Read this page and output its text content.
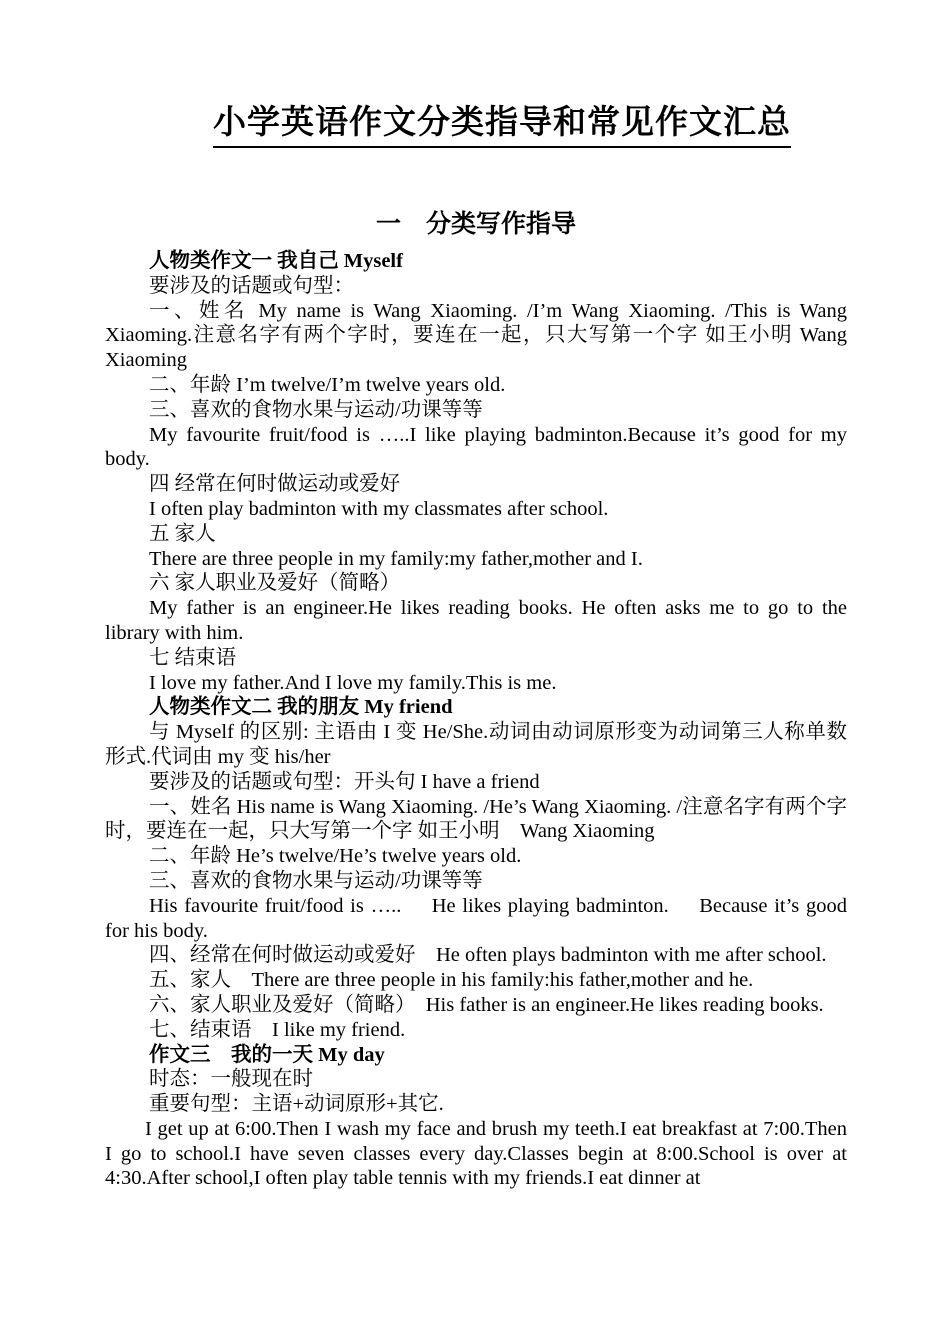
小学英语作文分类指导和常见作文汇总
一　分类写作指导

人物类作文一 我自己 Myself

要涉及的话题或句型：

一、姓名 My name is Wang Xiaoming. /I’m Wang Xiaoming. /This is Wang Xiaoming.注意名字有两个字时，要连在一起，只大写第一个字 如王小明 Wang Xiaoming

二、年龄 I’m twelve/I’m twelve years old.

三、喜欢的食物水果与运动/功课等等

My favourite fruit/food is …..I like playing badminton.Because it’s good for my body.

四 经常在何时做运动或爱好

I often play badminton with my classmates after school.

五 家人

There are three people in my family:my father,mother and I.

六 家人职业及爱好（简略）

My father is an engineer.He likes reading books. He often asks me to go to the library with him.

七 结束语

I love my father.And I love my family.This is me.

人物类作文二 我的朋友 My friend

与 Myself 的区别: 主语由 I 变 He/She.动词由动词原形变为动词第三人称单数形式.代词由 my 变 his/her

要涉及的话题或句型：开头句 I have a friend

一、姓名 His name is Wang Xiaoming. /He’s Wang Xiaoming. /注意名字有两个字时，要连在一起，只大写第一个字 如王小明　Wang Xiaoming

二、年龄 He’s twelve/He’s twelve years old.

三、喜欢的食物水果与运动/功课等等

His favourite fruit/food is …..　 He likes playing badminton.　 Because it’s good for his body.

四、经常在何时做运动或爱好　He often plays badminton with me after school.

五、家人　There are three people in his family:his father,mother and he.

六、家人职业及爱好（简略）　His father is an engineer.He likes reading books.

七、结束语　I like my friend.

作文三　我的一天 My day

时态：一般现在时

重要句型：主语+动词原形+其它.

I get up at 6:00.Then I wash my face and brush my teeth.I eat breakfast at 7:00.Then I go to school.I have seven classes every day.Classes begin at 8:00.School is over at 4:30.After school,I often play table tennis with my friends.I eat dinner at
